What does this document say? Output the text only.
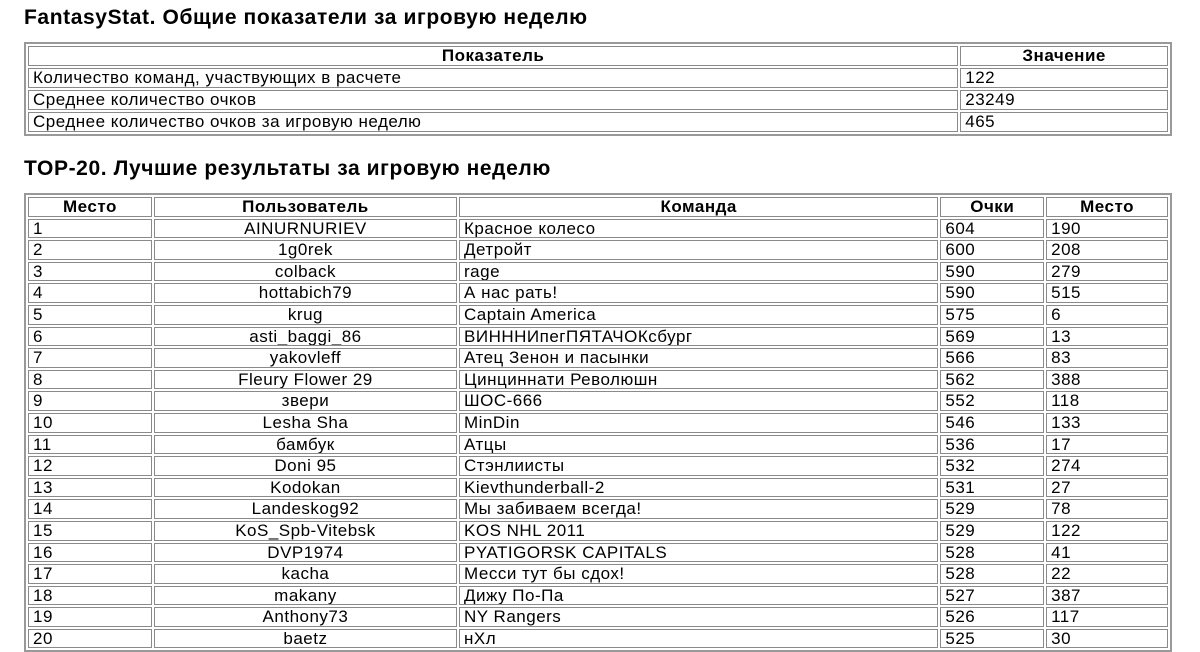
FantasyStat. Общие показатели за игровую неделю
Показатель	Значение
Количество команд, участвующих в расчете	122
Среднее количество очков	23249
Среднее количество очков за игровую неделю	465
TOP-20. Лучшие результаты за игровую неделю
Место	Пользователь	Команда	Очки	Место
1	AINURNURIEV	Красное колесо	604	190
2	1g0rek	Детройт	600	208
3	colback	rage	590	279
4	hottabich79	А нас рать!	590	515
5	krug	Captain America	575	6
6	asti_baggi_86	ВИНННИпегПЯТАЧОКсбург	569	13
7	yakovleff	Атец Зенон и пасынки	566	83
8	Fleury Flower 29	Цинциннати Революшн	562	388
9	звери	ШОС-666	552	118
10	Lesha Sha	MinDin	546	133
11	бамбук	Атцы	536	17
12	Doni 95	Стэнлиисты	532	274
13	Kodokan	Kievthunderball-2	531	27
14	Landeskog92	Мы забиваем всегда!	529	78
15	KoS_Spb-Vitebsk	KOS NHL 2011	529	122
16	DVP1974	PYATIGORSK CAPITALS	528	41
17	kacha	Месси тут бы сдох!	528	22
18	makany	Дижу По-Па	527	387
19	Anthony73	NY Rangers	526	117
20	baetz	нХл	525	30
